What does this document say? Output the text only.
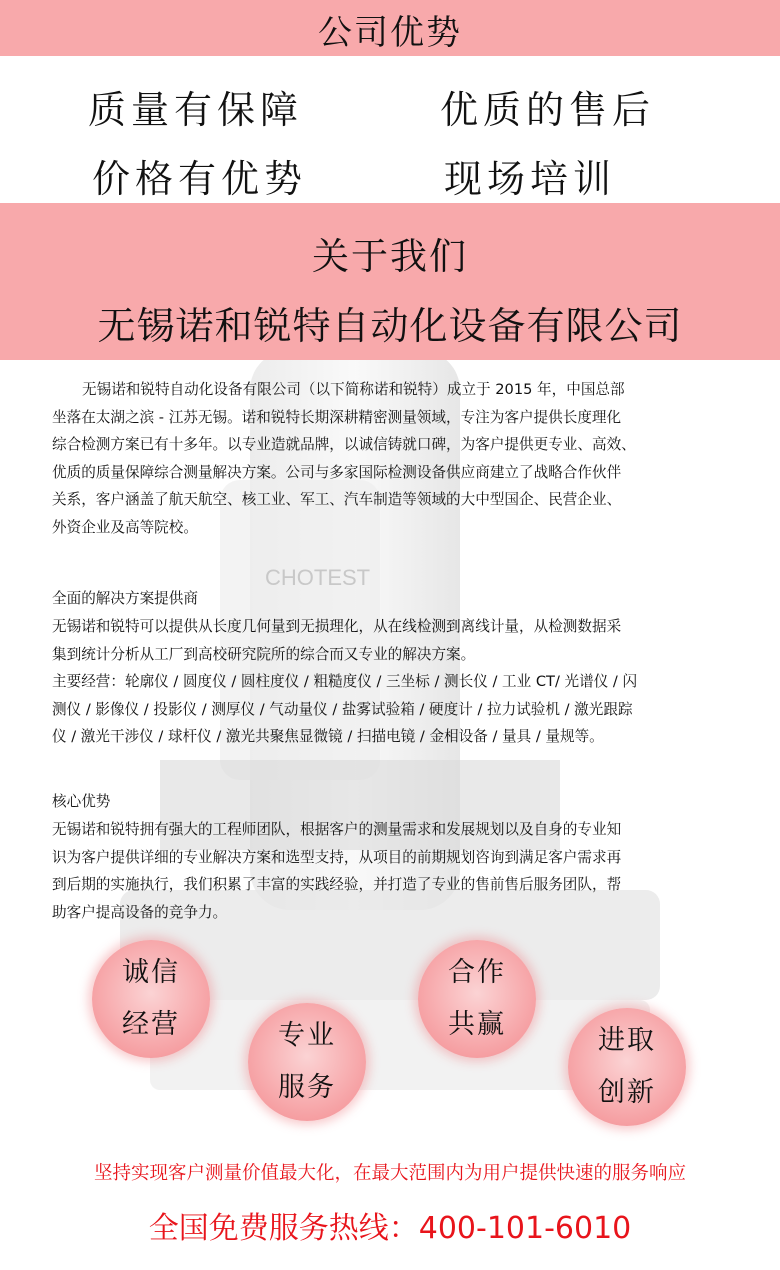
CHOTEST
公司优势
质量有保障	优质的售后
价格有优势	现场培训
关于我们
无锡诺和锐特自动化设备有限公司
无锡诺和锐特自动化设备有限公司（以下简称诺和锐特）成立于 2015 年，中国总部
坐落在太湖之滨 - 江苏无锡。诺和锐特长期深耕精密测量领域，专注为客户提供长度理化
综合检测方案已有十多年。以专业造就品牌，以诚信铸就口碑，为客户提供更专业、高效、
优质的质量保障综合测量解决方案。公司与多家国际检测设备供应商建立了战略合作伙伴
关系，客户涵盖了航天航空、核工业、军工、汽车制造等领域的大中型国企、民营企业、
外资企业及高等院校。
全面的解决方案提供商
无锡诺和锐特可以提供从长度几何量到无损理化，从在线检测到离线计量，从检测数据采
集到统计分析从工厂到高校研究院所的综合而又专业的解决方案。
主要经营：轮廓仪 / 圆度仪 / 圆柱度仪 / 粗糙度仪 / 三坐标 / 测长仪 / 工业 CT/ 光谱仪 / 闪
测仪 / 影像仪 / 投影仪 / 测厚仪 / 气动量仪 / 盐雾试验箱 / 硬度计 / 拉力试验机 / 激光跟踪
仪 / 激光干涉仪 / 球杆仪 / 激光共聚焦显微镜 / 扫描电镜 / 金相设备 / 量具 / 量规等。
核心优势
无锡诺和锐特拥有强大的工程师团队，根据客户的测量需求和发展规划以及自身的专业知
识为客户提供详细的专业解决方案和选型支持，从项目的前期规划咨询到满足客户需求再
到后期的实施执行，我们积累了丰富的实践经验，并打造了专业的售前售后服务团队，帮
助客户提高设备的竞争力。
诚信
经营	专业
服务
合作
共赢
进取
创新
坚持实现客户测量价值最大化，在最大范围内为用户提供快速的服务响应
全国免费服务热线：400-101-6010
